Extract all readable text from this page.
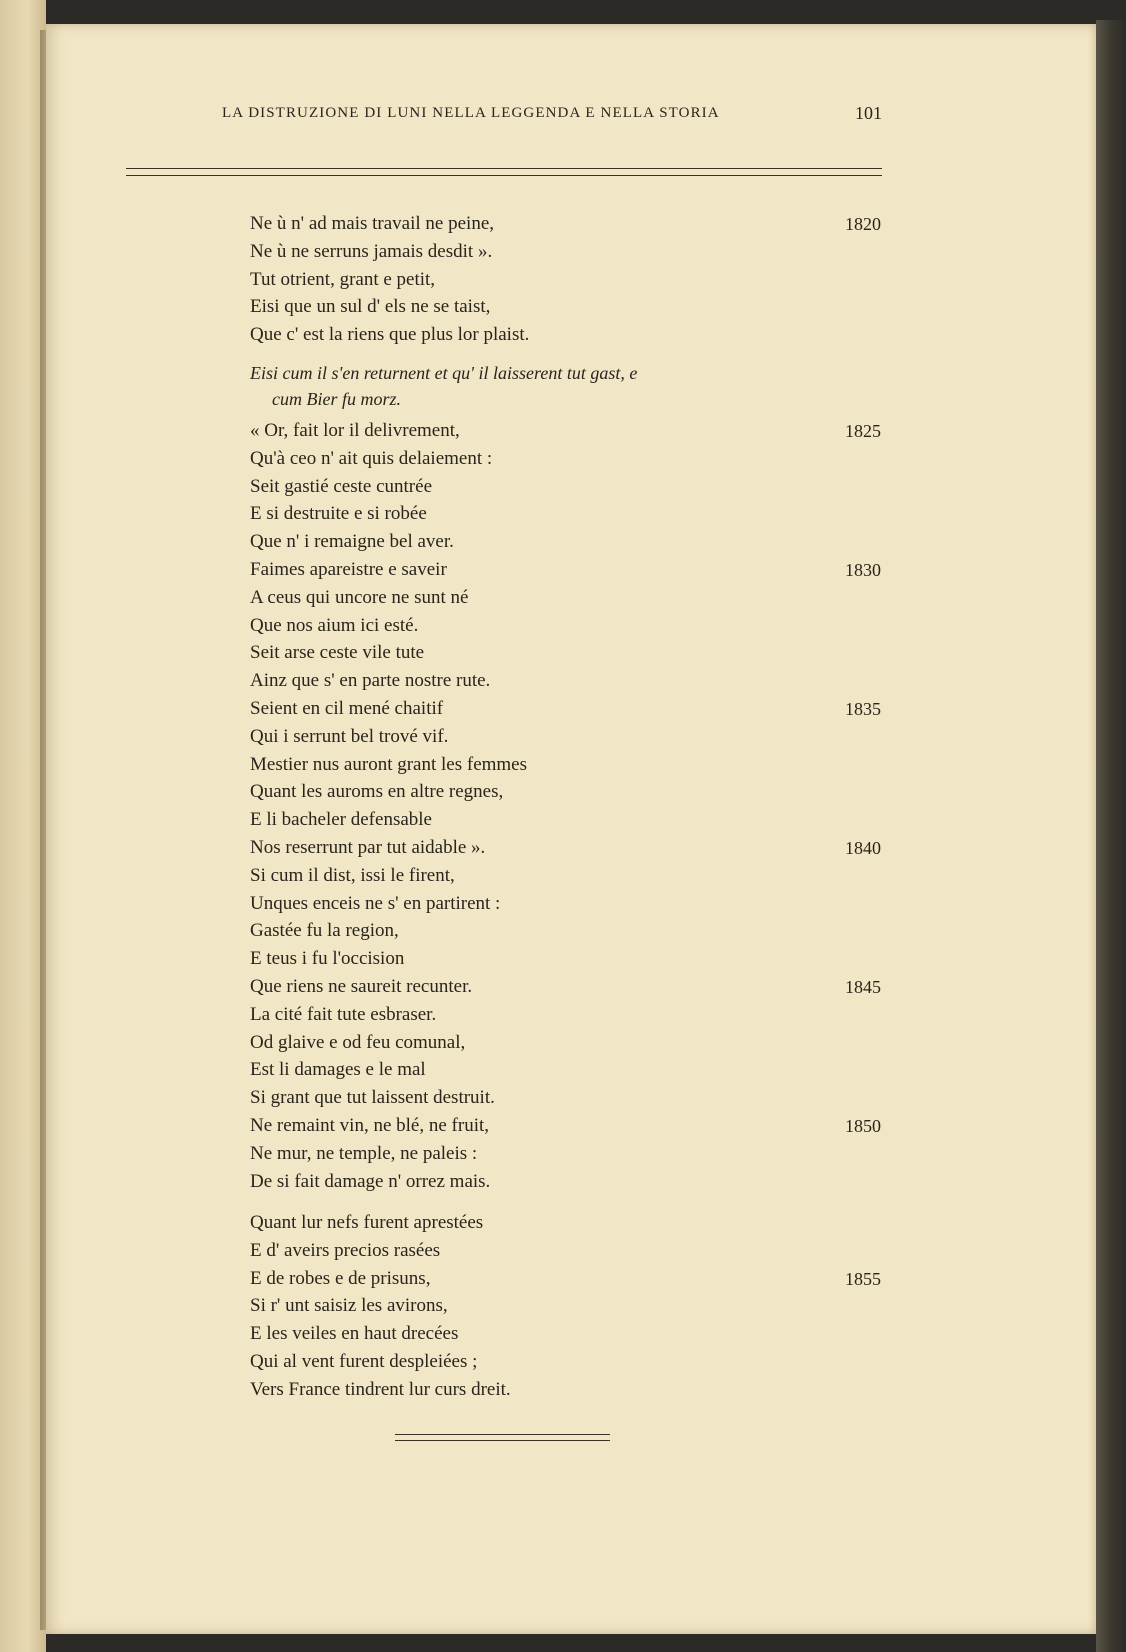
LA DISTRUZIONE DI LUNI NELLA LEGGENDA E NELLA STORIA	101
Ne ù n' ad mais travail ne peine,	1820
Ne ù ne serruns jamais desdit ».
Tut otrient, grant e petit,
Eisi que un sul d' els ne se taist,
Que c' est la riens que plus lor plaist.
Eisi cum il s'en returnent et qu' il laisserent tut gast, e
cum Bier fu morz.
« Or, fait lor il delivrement,	1825
Qu'à ceo n' ait quis delaiement :
Seit gastié ceste cuntrée
E si destruite e si robée
Que n' i remaigne bel aver.
Faimes apareistre e saveir	1830
A ceus qui uncore ne sunt né
Que nos aium ici esté.
Seit arse ceste vile tute
Ainz que s' en parte nostre rute.
Seient en cil mené chaitif	1835
Qui i serrunt bel trové vif.
Mestier nus auront grant les femmes
Quant les auroms en altre regnes,
E li bacheler defensable
Nos reserrunt par tut aidable ».	1840
Si cum il dist, issi le firent,
Unques enceis ne s' en partirent :
Gastée fu la region,
E teus i fu l'occision
Que riens ne saureit recunter.	1845
La cité fait tute esbraser.
Od glaive e od feu comunal,
Est li damages e le mal
Si grant que tut laissent destruit.
Ne remaint vin, ne blé, ne fruit,	1850
Ne mur, ne temple, ne paleis :
De si fait damage n' orrez mais.
Quant lur nefs furent aprestées
E d' aveirs precios rasées
E de robes e de prisuns,	1855
Si r' unt saisiz les avirons,
E les veiles en haut drecées
Qui al vent furent despleiées ;
Vers France tindrent lur curs dreit.
